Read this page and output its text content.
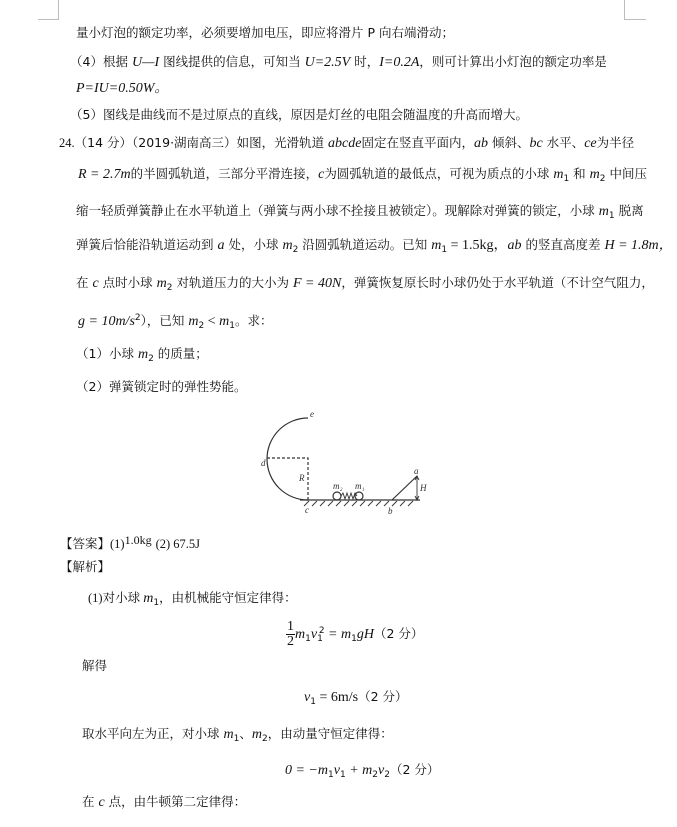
量小灯泡的额定功率，必须要增加电压，即应将滑片 P 向右端滑动；
（4）根据 U—I 图线提供的信息，可知当 U=2.5V 时，I=0.2A，则可计算出小灯泡的额定功率是
P=IU=0.50W。
（5）图线是曲线而不是过原点的直线，原因是灯丝的电阻会随温度的升高而增大。
24.（14 分）（2019·湖南高三）如图，光滑轨道 abcde固定在竖直平面内，ab 倾斜、bc 水平、ce为半径
R = 2.7m的半圆弧轨道，三部分平滑连接，c为圆弧轨道的最低点，可视为质点的小球 $m_1$ 和 $m_2$ 中间压
缩一轻质弹簧静止在水平轨道上（弹簧与两小球不拴接且被锁定）。现解除对弹簧的锁定，小球 $m_1$ 脱离
弹簧后恰能沿轨道运动到 a 处，小球 $m_2$ 沿圆弧轨道运动。已知 $m_1 = 1.5kg$，ab 的竖直高度差 H = 1.8m，
在 c 点时小球 $m_2$ 对轨道压力的大小为 F = 40N，弹簧恢复原长时小球仍处于水平轨道（不计空气阻力，
$g = 10m/s^2$），已知 $m_2 < m_1$。求：
（1）小球 $m_2$ 的质量；
（2）弹簧锁定时的弹性势能。
e
d
R
c
m 2 m 1
b
a
H
【答案】$(1)^{1.0kg}$ (2) 67.5J
【解析】
(1)对小球 $m_1$，由机械能守恒定律得：
$\frac{1}{2} m_1v_1^2 = m_1gH(2$ 分）
解得
$v_1 = 6m/s(2$ 分）
取水平向左为正，对小球 $m_1$、$m_2$，由动量守恒定律得：
$0 = -m_1v_1 + m_2v_2(2$ 分）
在 c 点，由牛顿第二定律得：
